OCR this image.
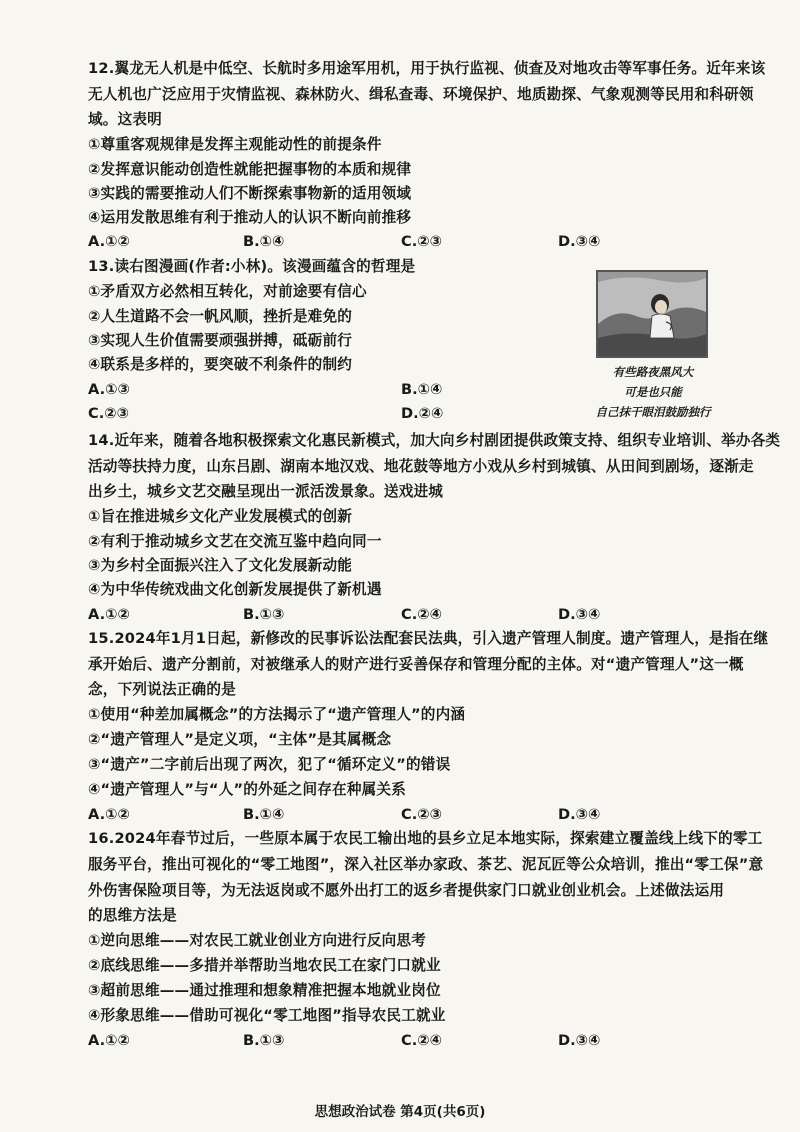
12.翼龙无人机是中低空、长航时多用途军用机，用于执行监视、侦查及对地攻击等军事任务。近年来该
无人机也广泛应用于灾情监视、森林防火、缉私查毒、环境保护、地质勘探、气象观测等民用和科研领
域。这表明
①尊重客观规律是发挥主观能动性的前提条件
②发挥意识能动创造性就能把握事物的本质和规律
③实践的需要推动人们不断探索事物新的适用领域
④运用发散思维有利于推动人的认识不断向前推移
A.①②	B.①④	C.②③	D.③④
13.读右图漫画(作者:小林)。该漫画蕴含的哲理是
①矛盾双方必然相互转化，对前途要有信心
②人生道路不会一帆风顺，挫折是难免的
③实现人生价值需要顽强拼搏，砥砺前行
④联系是多样的，要突破不利条件的制约
A.①③	B.①④
C.②③	D.②④
有些路夜黑风大
可是也只能
自己抹干眼泪鼓励独行
14.近年来，随着各地积极探索文化惠民新模式，加大向乡村剧团提供政策支持、组织专业培训、举办各类
活动等扶持力度，山东吕剧、湖南本地汉戏、地花鼓等地方小戏从乡村到城镇、从田间到剧场，逐渐走
出乡土，城乡文艺交融呈现出一派活泼景象。送戏进城
①旨在推进城乡文化产业发展模式的创新
②有利于推动城乡文艺在交流互鉴中趋向同一
③为乡村全面振兴注入了文化发展新动能
④为中华传统戏曲文化创新发展提供了新机遇
A.①②	B.①③	C.②④	D.③④
15.2024年1月1日起，新修改的民事诉讼法配套民法典，引入遗产管理人制度。遗产管理人，是指在继
承开始后、遗产分割前，对被继承人的财产进行妥善保存和管理分配的主体。对“遗产管理人”这一概
念，下列说法正确的是
①使用“种差加属概念”的方法揭示了“遗产管理人”的内涵
②“遗产管理人”是定义项，“主体”是其属概念
③“遗产”二字前后出现了两次，犯了“循环定义”的错误
④“遗产管理人”与“人”的外延之间存在种属关系
A.①②	B.①④	C.②③	D.③④
16.2024年春节过后，一些原本属于农民工输出地的县乡立足本地实际，探索建立覆盖线上线下的零工
服务平台，推出可视化的“零工地图”，深入社区举办家政、茶艺、泥瓦匠等公众培训，推出“零工保”意
外伤害保险项目等，为无法返岗或不愿外出打工的返乡者提供家门口就业创业机会。上述做法运用
的思维方法是
①逆向思维——对农民工就业创业方向进行反向思考
②底线思维——多措并举帮助当地农民工在家门口就业
③超前思维——通过推理和想象精准把握本地就业岗位
④形象思维——借助可视化“零工地图”指导农民工就业
A.①②	B.①③	C.②④	D.③④
思想政治试卷 第4页(共6页)
